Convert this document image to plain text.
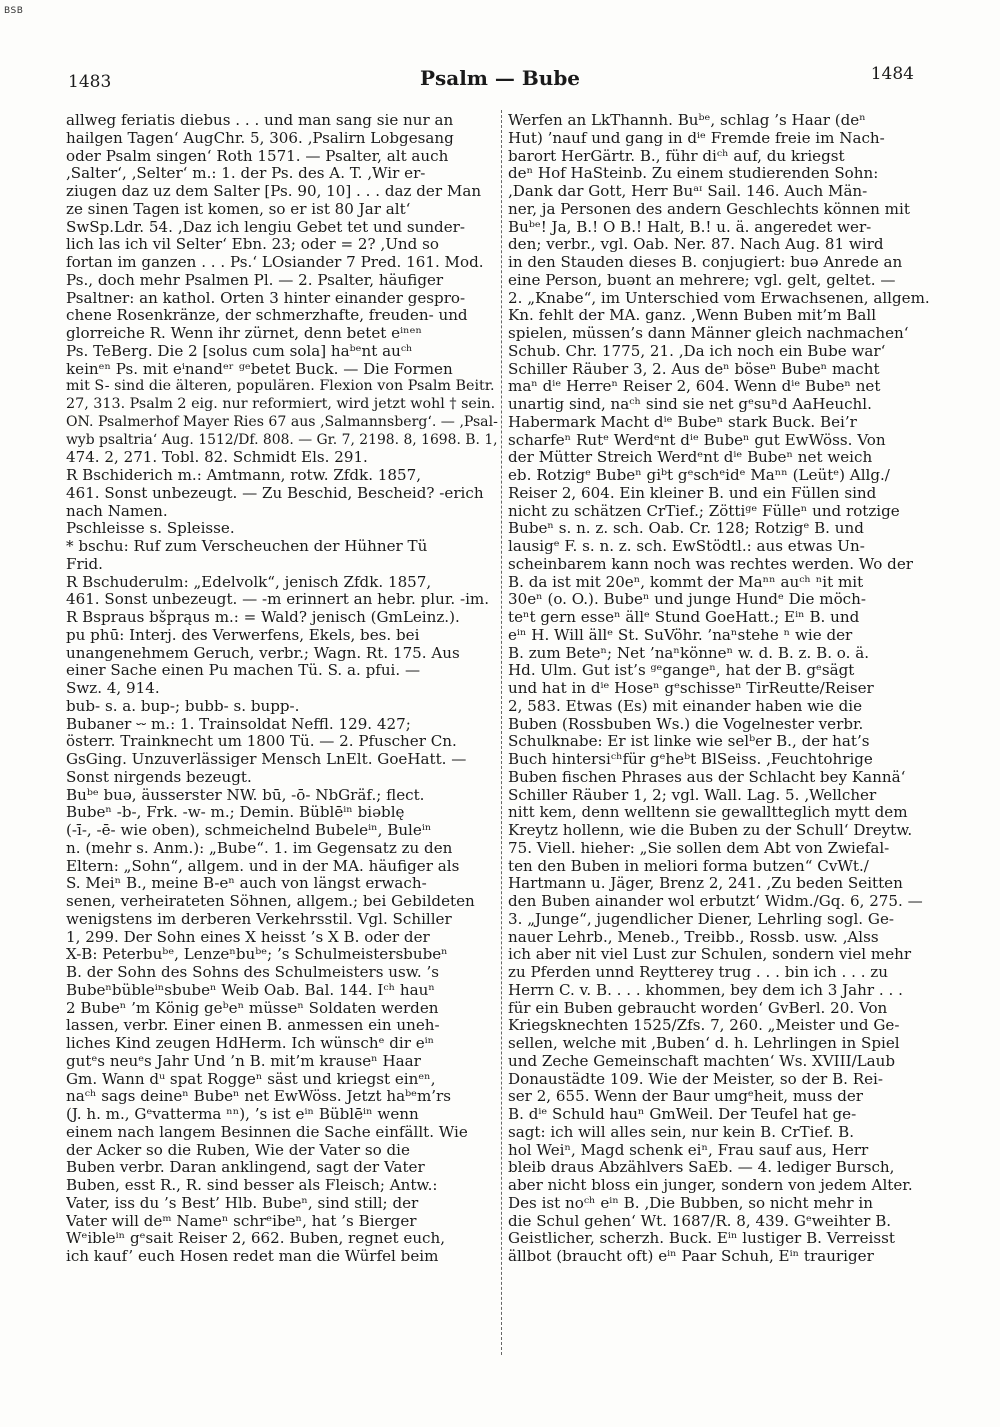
BSB
1483	Psalm — Bube	1484
allweg feriatis diebus . . . und man sang sie nur an
hailgen Tagen‘ AugChr. 5, 306. ‚Psalirn Lobgesang
oder Psalm singen‘ Roth 1571. — Psalter, alt auch
‚Salter‘, ‚Selter‘ m.: 1. der Ps. des A. T. ‚Wir er-
ziugen daz uz dem Salter [Ps. 90, 10] . . . daz der Man
ze sinen Tagen ist komen, so er ist 80 Jar alt‘
SwSp.Ldr. 54. ‚Daz ich lengiu Gebet tet und sunder-
lich las ich vil Selter‘ Ebn. 23; oder = 2? ‚Und so
fortan im ganzen . . . Ps.‘ LOsiander 7 Pred. 161. Mod.
Ps., doch mehr Psalmen Pl. — 2. Psalter, häufiger
Psaltner: an kathol. Orten 3 hinter einander gespro-
chene Rosenkränze, der schmerzhafte, freuden- und
glorreiche R. Wenn ihr zürnet, denn betet eⁱⁿᵉⁿ
Ps. TeBerg. Die 2 [solus cum sola] haᵇᵉnt auᶜʰ
keinᵉⁿ Ps. mit eⁱnandᵉʳ ᵍᵉbetet Buck. — Die Formen
mit S- sind die älteren, populären. Flexion von Psalm Beitr.
27, 313. Psalm 2 eig. nur reformiert, wird jetzt wohl † sein.
ON. Psalmerhof Mayer Ries 67 aus ‚Salmannsberg‘. — ‚Psal-
wyb psaltria‘ Aug. 1512/Df. 808. — Gr. 7, 2198. 8, 1698. B. 1,
474. 2, 271. Tobl. 82. Schmidt Els. 291.
R Bschiderich m.: Amtmann, rotw. Zfdk. 1857,
461. Sonst unbezeugt. — Zu Beschid, Bescheid? -erich
nach Namen.
Pschleisse s. Spleisse.
* bschu: Ruf zum Verscheuchen der Hühner Tü
Frid.
R Bschuderulm: „Edelvolk“, jenisch Zfdk. 1857,
461. Sonst unbezeugt. — -m erinnert an hebr. plur. -im.
R Bspraus bšprąus m.: = Wald? jenisch (GmLeinz.).
pu phū: Interj. des Verwerfens, Ekels, bes. bei
unangenehmem Geruch, verbr.; Wagn. Rt. 175. Aus
einer Sache einen Pu machen Tü. S. a. pfui. —
Swz. 4, 914.
bub- s. a. bup-; bubb- s. bupp-.
Bubaner ⏑⏑ m.: 1. Trainsoldat Neffl. 129. 427;
österr. Trainknecht um 1800 Tü. — 2. Pfuscher Cn.
GsGing. Unzuverlässiger Mensch LnElt. GoeHatt. —
Sonst nirgends bezeugt.
Buᵇᵉ buə, äusserster NW. bū, -ō- NbGräf.; flect.
Bubeⁿ -b-, Frk. -w- m.; Demin. Büblēⁱⁿ biəblę
(-ī-, -ē- wie oben), schmeichelnd Bubeleⁱⁿ, Buleⁱⁿ
n. (mehr s. Anm.): „Bube“. 1. im Gegensatz zu den
Eltern: „Sohn“, allgem. und in der MA. häufiger als
S. Meiⁿ B., meine B-eⁿ auch von längst erwach-
senen, verheirateten Söhnen, allgem.; bei Gebildeten
wenigstens im derberen Verkehrsstil. Vgl. Schiller
1, 299. Der Sohn eines X heisst ’s X B. oder der
X-B: Peterbuᵇᵉ, Lenzeⁿbuᵇᵉ; ’s Schulmeistersbubeⁿ
B. der Sohn des Sohns des Schulmeisters usw. ’s
Bubeⁿbübleⁱⁿsbubeⁿ Weib Oab. Bal. 144. Iᶜʰ hauⁿ
2 Bubeⁿ ’m König geᵇeⁿ müsseⁿ Soldaten werden
lassen, verbr. Einer einen B. anmessen ein uneh-
liches Kind zeugen HdHerm. Ich wünschᵉ dir eⁱⁿ
gutᵉs neuᵉs Jahr Und ’n B. mit’m krauseⁿ Haar
Gm. Wann dᵘ spat Roggeⁿ säst und kriegst einᵉⁿ,
naᶜʰ sags deineⁿ Bubeⁿ net EwWöss. Jetzt haᵇᵉm’rs
(J. h. m., Gᵉvatterma ⁿⁿ), ’s ist eⁱⁿ Büblēⁱⁿ wenn
einem nach langem Besinnen die Sache einfällt. Wie
der Acker so die Ruben, Wie der Vater so die
Buben verbr. Daran anklingend, sagt der Vater
Buben, esst R., R. sind besser als Fleisch; Antw.:
Vater, iss du ’s Best’ Hlb. Bubeⁿ, sind still; der
Vater will deᵐ Nameⁿ schrᵉibeⁿ, hat ’s Bierger
Wᵉibleⁱⁿ gᵉsait Reiser 2, 662. Buben, regnet euch,
ich kauf’ euch Hosen redet man die Würfel beim
Werfen an LkThannh. Buᵇᵉ, schlag ’s Haar (deⁿ
Hut) ’nauf und gang in dⁱᵉ Fremde freie im Nach-
barort HerGärtr. B., führ diᶜʰ auf, du kriegst
deⁿ Hof HaSteinb. Zu einem studierenden Sohn:
‚Dank dar Gott, Herr Buᵃᶦ Sail. 146. Auch Män-
ner, ja Personen des andern Geschlechts können mit
Buᵇᵉ! Ja, B.! O B.! Halt, B.! u. ä. angeredet wer-
den; verbr., vgl. Oab. Ner. 87. Nach Aug. 81 wird
in den Stauden dieses B. conjugiert: buə Anrede an
eine Person, buənt an mehrere; vgl. gelt, geltet. —
2. „Knabe“, im Unterschied vom Erwachsenen, allgem.
Kn. fehlt der MA. ganz. ‚Wenn Buben mit’m Ball
spielen, müssen’s dann Männer gleich nachmachen‘
Schub. Chr. 1775, 21. ‚Da ich noch ein Bube war‘
Schiller Räuber 3, 2. Aus deⁿ böseⁿ Bubeⁿ macht
maⁿ dⁱᵉ Herreⁿ Reiser 2, 604. Wenn dⁱᵉ Bubeⁿ net
unartig sind, naᶜʰ sind sie net gᵉsuⁿd AaHeuchl.
Habermark Macht dⁱᵉ Bubeⁿ stark Buck. Bei’r
scharfeⁿ Rutᵉ Werdᵉnt dⁱᵉ Bubeⁿ gut EwWöss. Von
der Mütter Streich Werdᵉnt dⁱᵉ Bubeⁿ net weich
eb. Rotzigᵉ Bubeⁿ giᵇt gᵉschᵉidᵉ Maⁿⁿ (Leütᵉ) Allg./
Reiser 2, 604. Ein kleiner B. und ein Füllen sind
nicht zu schätzen CrTief.; Zöttiᵍᵉ Fülleⁿ und rotzige
Bubeⁿ s. n. z. sch. Oab. Cr. 128; Rotzigᵉ B. und
lausigᵉ F. s. n. z. sch. EwStödtl.: aus etwas Un-
scheinbarem kann noch was rechtes werden. Wo der
B. da ist mit 20eⁿ, kommt der Maⁿⁿ auᶜʰ ⁿit mit
30eⁿ (o. O.). Bubeⁿ und junge Hundᵉ Die möch-
teⁿt gern esseⁿ ällᵉ Stund GoeHatt.; Eⁱⁿ B. und
eⁱⁿ H. Will ällᵉ St. SuVöhr. ’naⁿstehe ⁿ wie der
B. zum Beteⁿ; Net ’naⁿkönneⁿ w. d. B. z. B. o. ä.
Hd. Ulm. Gut ist’s ᵍᵉgangeⁿ, hat der B. gᵉsägt
und hat in dⁱᵉ Hoseⁿ gᵉschisseⁿ TirReutte/Reiser
2, 583. Etwas (Es) mit einander haben wie die
Buben (Rossbuben Ws.) die Vogelnester verbr.
Schulknabe: Er ist linke wie selᵇer B., der hat’s
Buch hintersiᶜʰfür gᵉheᵇt BlSeiss. ‚Feuchtohrige
Buben fischen Phrases aus der Schlacht bey Kannä‘
Schiller Räuber 1, 2; vgl. Wall. Lag. 5. ‚Wellcher
nitt kem, denn welltenn sie gewalltteglich mytt dem
Kreytz hollenn, wie die Buben zu der Schull‘ Dreytw.
75. Viell. hieher: „Sie sollen dem Abt von Zwiefal-
ten den Buben in meliori forma butzen“ CvWt./
Hartmann u. Jäger, Brenz 2, 241. ‚Zu beden Seitten
den Buben ainander wol erbutzt‘ Widm./Gq. 6, 275. —
3. „Junge“, jugendlicher Diener, Lehrling sogl. Ge-
nauer Lehrb., Meneb., Treibb., Rossb. usw. ‚Alss
ich aber nit viel Lust zur Schulen, sondern viel mehr
zu Pferden unnd Reytterey trug . . . bin ich . . . zu
Herrn C. v. B. . . . khommen, bey dem ich 3 Jahr . . .
für ein Buben gebraucht worden‘ GvBerl. 20. Von
Kriegsknechten 1525/Zfs. 7, 260. „Meister und Ge-
sellen, welche mit ‚Buben‘ d. h. Lehrlingen in Spiel
und Zeche Gemeinschaft machten‘ Ws. XVIII/Laub
Donaustädte 109. Wie der Meister, so der B. Rei-
ser 2, 655. Wenn der Baur umgᵉheit, muss der
B. dⁱᵉ Schuld hauⁿ GmWeil. Der Teufel hat ge-
sagt: ich will alles sein, nur kein B. CrTief. B.
hol Weiⁿ, Magd schenk eiⁿ, Frau sauf aus, Herr
bleib draus Abzählvers SaEb. — 4. lediger Bursch,
aber nicht bloss ein junger, sondern von jedem Alter.
Des ist noᶜʰ eⁱⁿ B. ‚Die Bubben, so nicht mehr in
die Schul gehen‘ Wt. 1687/R. 8, 439. Gᵉweihter B.
Geistlicher, scherzh. Buck. Eⁱⁿ lustiger B. Verreisst
ällbot (braucht oft) eⁱⁿ Paar Schuh, Eⁱⁿ trauriger
